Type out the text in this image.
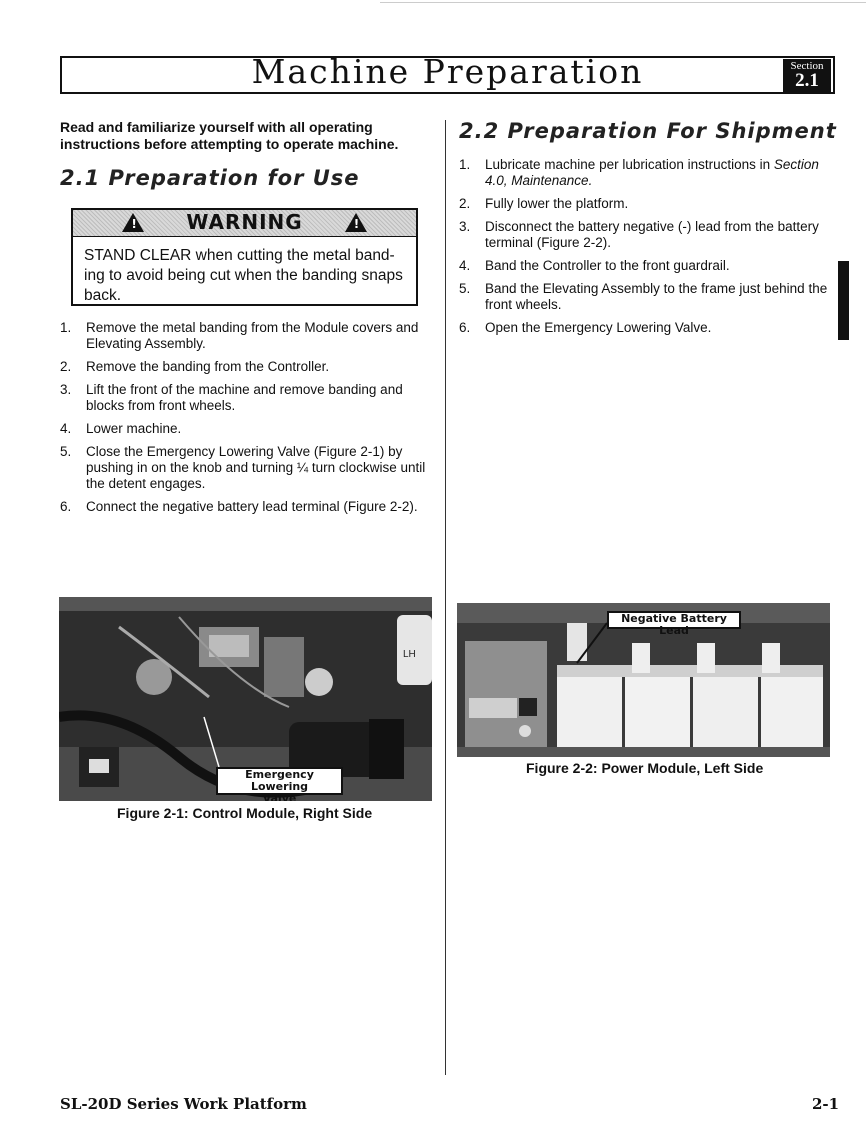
Machine Preparation	Section
2.1
Read and familiarize yourself with all operating instructions before attempting to operate machine.
2.1 Preparation for Use
! WARNING	!
STAND CLEAR when cutting the metal band-ing to avoid being cut when the banding snaps back.
1. Remove the metal banding from the Module covers and Elevating Assembly.
2. Remove the banding from the Controller.
3. Lift the front of the machine and remove banding and blocks from front wheels.
4. Lower machine.
5. Close the Emergency Lowering Valve (Figure 2-1) by pushing in on the knob and turning ¼ turn clockwise until the detent engages.
6. Connect the negative battery lead terminal (Figure 2-2).
LH
Emergency Lowering
Valve
Figure 2-1: Control Module, Right Side
2.2 Preparation For Shipment
1. Lubricate machine per lubrication instructions in Section 4.0, Maintenance.
2. Fully lower the platform.
3. Disconnect the battery negative (-) lead from the battery terminal (Figure 2-2).
4. Band the Controller to the front guardrail.
5. Band the Elevating Assembly to the frame just behind the front wheels.
6. Open the Emergency Lowering Valve.
Negative Battery Lead
Figure 2-2: Power Module, Left Side
SL-20D Series Work Platform	2-1
